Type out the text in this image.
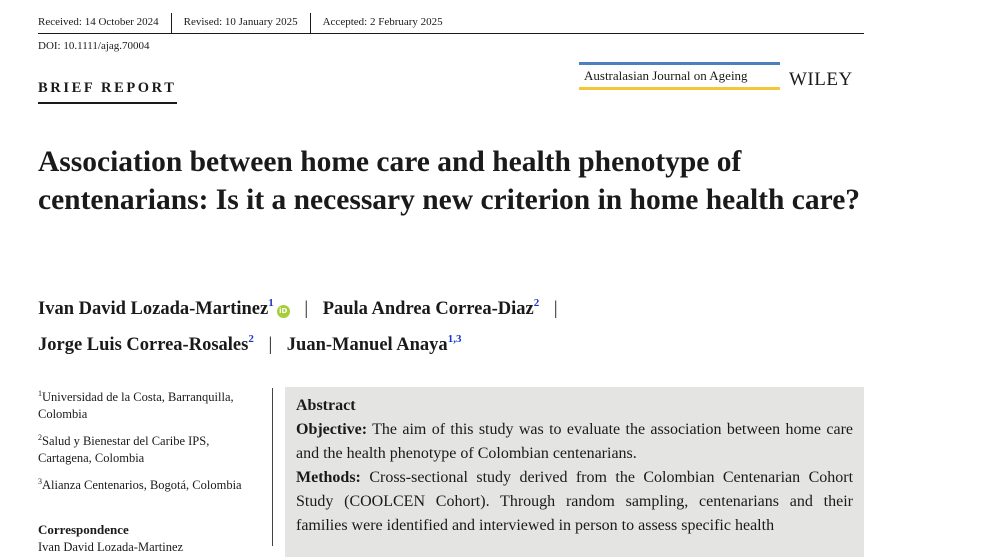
Received: 14 October 2024 Revised: 10 January 2025 Accepted: 2 February 2025
DOI: 10.1111/ajag.70004
BRIEF REPORT
Australasian Journal on Ageing	WILEY
Association between home care and health phenotype of centenarians: Is it a necessary new criterion in home health care?
Ivan David Lozada-Martinez$^1$iD | Paula Andrea Correa-Diaz$^2$ |
Jorge Luis Correa-Rosales$^2$ | Juan-Manuel Anaya$^{1,3}$
$^1$Universidad de la Costa, Barranquilla, Colombia
$^2$Salud y Bienestar del Caribe IPS, Cartagena, Colombia
$^3$Alianza Centenarios, Bogotá, Colombia
Correspondence
Ivan David Lozada-Martinez
Abstract

Objective: The aim of this study was to evaluate the association between home care and the health phenotype of Colombian centenarians.

Methods: Cross-sectional study derived from the Colombian Centenarian Cohort Study (COOLCEN Cohort). Through random sampling, centenarians and their families were identified and interviewed in person to assess specific health
